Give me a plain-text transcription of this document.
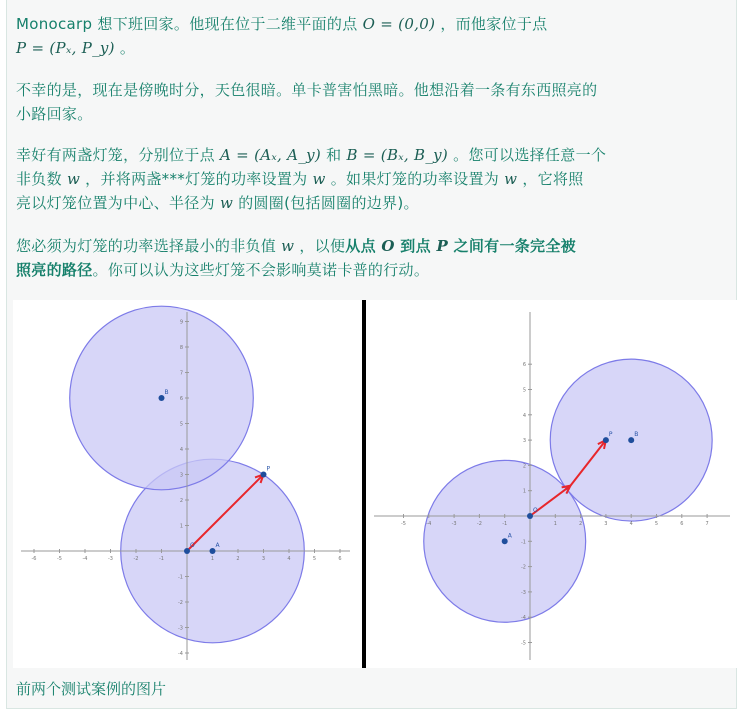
Monocarp 想下班回家。他现在位于二维平面的点 O = (0,0) ，而他家位于点
P = (Pₓ, P_y) 。
不幸的是，现在是傍晚时分，天色很暗。单卡普害怕黑暗。他想沿着一条有东西照亮的
小路回家。
幸好有两盏灯笼，分别位于点 A = (Aₓ, A_y) 和 B = (Bₓ, B_y) 。您可以选择任意一个
非负数 w ，并将两盏***灯笼的功率设置为 w 。如果灯笼的功率设置为 w ，它将照
亮以灯笼位置为中心、半径为 w 的圆圈(包括圆圈的边界)。
您必须为灯笼的功率选择最小的非负值 w ，以便从点 O 到点 P 之间有一条完全被
照亮的路径。你可以认为这些灯笼不会影响莫诺卡普的行动。
-6	-5	-4	-3	-2	-1	1	2	3	4	5	6
9
8
7
6
5
4
3
2
1
-1
-2
-3
-4
O	A
B
P
-5	-4	-3	-2	-1	1	2	3	4	5	6	7
6
5
4
3
2
1
-1
-2
-3
-4
-5
O
A
B
P
前两个测试案例的图片
